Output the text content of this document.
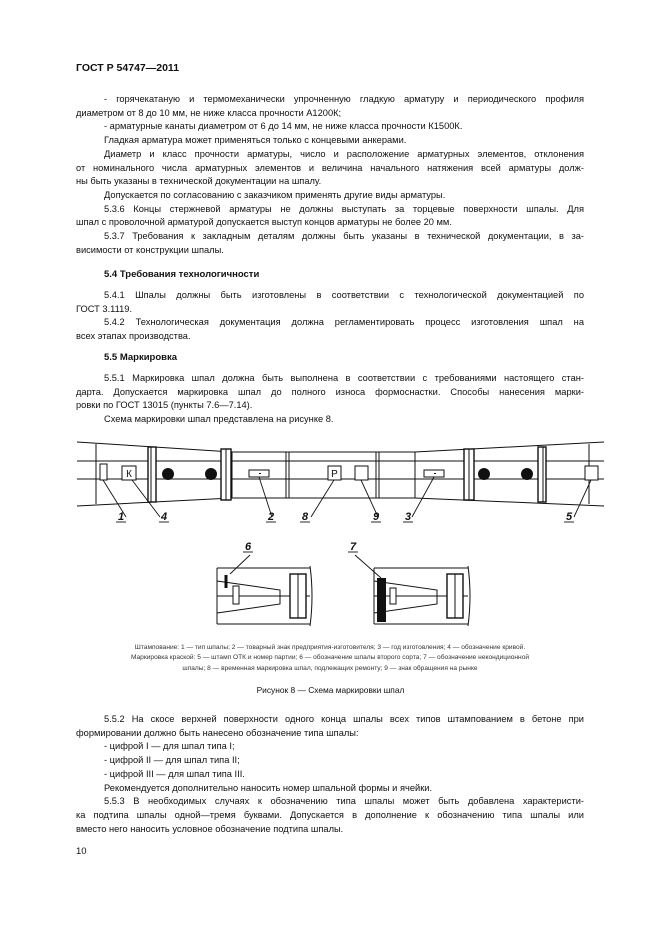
ГОСТ Р 54747—2011
- горячекатаную и термомеханически упрочненную гладкую арматуру и периодического профиля
диаметром от 8 до 10 мм, не ниже класса прочности А1200К;
- арматурные канаты диаметром от 6 до 14 мм, не ниже класса прочности К1500К.
Гладкая арматура может применяться только с концевыми анкерами.
Диаметр и класс прочности арматуры, число и расположение арматурных элементов, отклонения
от номинального числа арматурных элементов и величина начального натяжения всей арматуры долж-
ны быть указаны в технической документации на шпалу.
Допускается по согласованию с заказчиком применять другие виды арматуры.
5.3.6 Концы стержневой арматуры не должны выступать за торцевые поверхности шпалы. Для
шпал с проволочной арматурой допускается выступ концов арматуры не более 20 мм.
5.3.7 Требования к закладным деталям должны быть указаны в технической документации, в за-
висимости от конструкции шпалы.
5.4 Требования технологичности
5.4.1 Шпалы должны быть изготовлены в соответствии с технологической документацией по
ГОСТ 3.1119.
5.4.2 Технологическая документация должна регламентировать процесс изготовления шпал на
всех этапах производства.
5.5 Маркировка
5.5.1 Маркировка шпал должна быть выполнена в соответствии с требованиями настоящего стан-
дарта. Допускается маркировка шпал до полного износа формоснастки. Способы нанесения марки-
ровки по ГОСТ 13015 (пункты 7.6—7.14).
Схема маркировки шпал представлена на рисунке 8.
К	Р
1	4	2	8	9 3	5
6	7
Штампование: 1 — тип шпалы; 2 — товарный знак предприятия-изготовителя; 3 — год изготовления; 4 — обозначение кривой.
Маркировка краской: 5 — штамп ОТК и номер партии; 6 — обозначение шпалы второго сорта; 7 — обозначение некондиционной
шпалы; 8 — временная маркировка шпал, подлежащих ремонту; 9 — знак обращения на рынке
Рисунок 8 — Схема маркировки шпал
5.5.2 На скосе верхней поверхности одного конца шпалы всех типов штампованием в бетоне при
формировании должно быть нанесено обозначение типа шпалы:
- цифрой I — для шпал типа I;
- цифрой II — для шпал типа II;
- цифрой III — для шпал типа III.
Рекомендуется дополнительно наносить номер шпальной формы и ячейки.
5.5.3 В необходимых случаях к обозначению типа шпалы может быть добавлена характеристи-
ка подтипа шпалы одной—тремя буквами. Допускается в дополнение к обозначению типа шпалы или
вместо него наносить условное обозначение подтипа шпалы.
10
